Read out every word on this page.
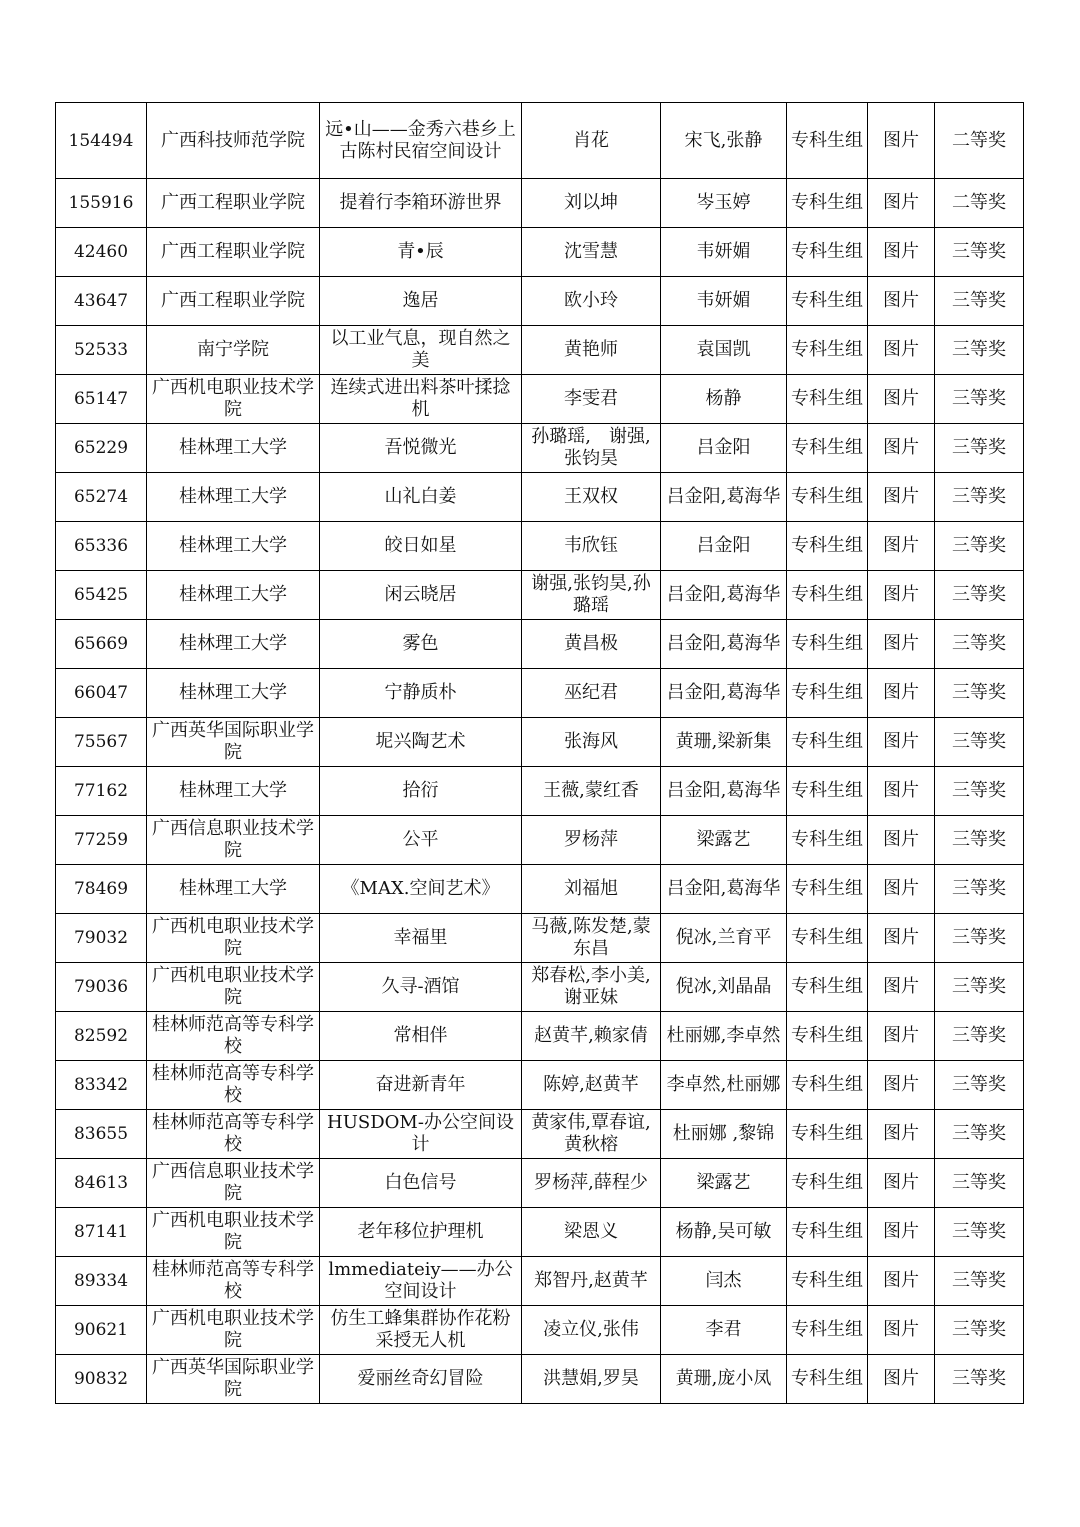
154494	广西科技师范学院	远•山——金秀六巷乡上古陈村民宿空间设计	肖花	宋飞,张静	专科生组	图片	二等奖
155916	广西工程职业学院	提着行李箱环游世界	刘以坤	岑玉婷	专科生组	图片	二等奖
42460	广西工程职业学院	青•辰	沈雪慧	韦妍媚	专科生组	图片	三等奖
43647	广西工程职业学院	逸居	欧小玲	韦妍媚	专科生组	图片	三等奖
52533	南宁学院	以工业气息，现自然之美	黄艳师	袁国凯	专科生组	图片	三等奖
65147	广西机电职业技术学院	连续式进出料茶叶揉捻机	李雯君	杨静	专科生组	图片	三等奖
65229	桂林理工大学	吾悦微光	孙璐瑶,　谢强,张钧昊	吕金阳	专科生组	图片	三等奖
65274	桂林理工大学	山礼白姜	王双权	吕金阳,葛海华	专科生组	图片	三等奖
65336	桂林理工大学	皎日如星	韦欣钰	吕金阳	专科生组	图片	三等奖
65425	桂林理工大学	闲云晓居	谢强,张钧昊,孙璐瑶	吕金阳,葛海华	专科生组	图片	三等奖
65669	桂林理工大学	雾色	黄昌极	吕金阳,葛海华	专科生组	图片	三等奖
66047	桂林理工大学	宁静质朴	巫纪君	吕金阳,葛海华	专科生组	图片	三等奖
75567	广西英华国际职业学院	坭兴陶艺术	张海风	黄珊,梁新集	专科生组	图片	三等奖
77162	桂林理工大学	拾衍	王薇,蒙红香	吕金阳,葛海华	专科生组	图片	三等奖
77259	广西信息职业技术学院	公平	罗杨萍	梁露艺	专科生组	图片	三等奖
78469	桂林理工大学	《MAX.空间艺术》	刘福旭	吕金阳,葛海华	专科生组	图片	三等奖
79032	广西机电职业技术学院	幸福里	马薇,陈发楚,蒙东昌	倪冰,兰育平	专科生组	图片	三等奖
79036	广西机电职业技术学院	久寻-酒馆	郑春松,李小美,谢亚妹	倪冰,刘晶晶	专科生组	图片	三等奖
82592	桂林师范高等专科学校	常相伴	赵黄芊,赖家倩	杜丽娜,李卓然	专科生组	图片	三等奖
83342	桂林师范高等专科学校	奋进新青年	陈婷,赵黄芊	李卓然,杜丽娜	专科生组	图片	三等奖
83655	桂林师范高等专科学校	HUSDOM-办公空间设计	黄家伟,覃春谊,黄秋榕	杜丽娜 ,黎锦	专科生组	图片	三等奖
84613	广西信息职业技术学院	白色信号	罗杨萍,薛程少	梁露艺	专科生组	图片	三等奖
87141	广西机电职业技术学院	老年移位护理机	梁恩义	杨静,吴可敏	专科生组	图片	三等奖
89334	桂林师范高等专科学校	lmmediateiy——办公空间设计	郑智丹,赵黄芊	闫杰	专科生组	图片	三等奖
90621	广西机电职业技术学院	仿生工蜂集群协作花粉采授无人机	凌立仪,张伟	李君	专科生组	图片	三等奖
90832	广西英华国际职业学院	爱丽丝奇幻冒险	洪慧娟,罗昊	黄珊,庞小凤	专科生组	图片	三等奖
